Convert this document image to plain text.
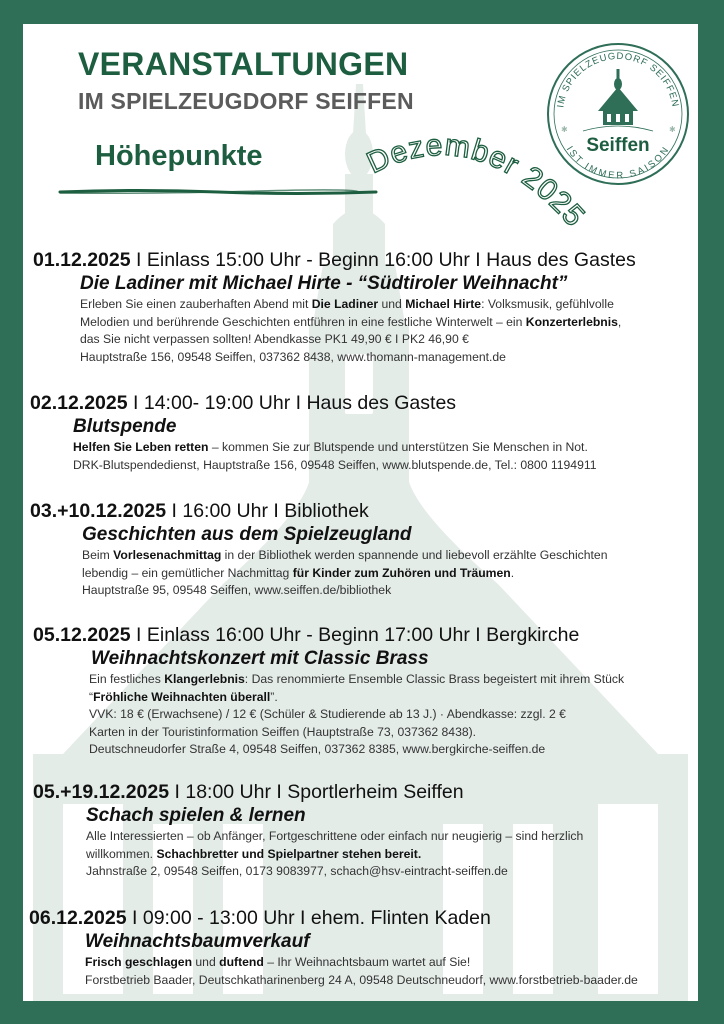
VERANSTALTUNGEN
IM SPIELZEUGDORF SEIFFEN
Höhepunkte	Dezember 2025
IM SPIELZEUGDORF SEIFFEN
IST IMMER SAISON
Seiffen
✱	✱
01.12.2025 I Einlass 15:00 Uhr - Beginn 16:00 Uhr I Haus des Gastes
Die Ladiner mit Michael Hirte - “Südtiroler Weihnacht”
Erleben Sie einen zauberhaften Abend mit Die Ladiner und Michael Hirte: Volksmusik, gefühlvolle
Melodien und berührende Geschichten entführen in eine festliche Winterwelt – ein Konzerterlebnis,
das Sie nicht verpassen sollten! Abendkasse PK1 49,90 € I PK2 46,90 €
Hauptstraße 156, 09548 Seiffen, 037362 8438, www.thomann-management.de
02.12.2025 I 14:00- 19:00 Uhr I Haus des Gastes
Blutspende
Helfen Sie Leben retten – kommen Sie zur Blutspende und unterstützen Sie Menschen in Not.
DRK-Blutspendedienst, Hauptstraße 156, 09548 Seiffen, www.blutspende.de, Tel.: 0800 1194911
03.+10.12.2025 I 16:00 Uhr I Bibliothek
Geschichten aus dem Spielzeugland
Beim Vorlesenachmittag in der Bibliothek werden spannende und liebevoll erzählte Geschichten
lebendig – ein gemütlicher Nachmittag für Kinder zum Zuhören und Träumen.
Hauptstraße 95, 09548 Seiffen, www.seiffen.de/bibliothek
05.12.2025 I Einlass 16:00 Uhr - Beginn 17:00 Uhr I Bergkirche
Weihnachtskonzert mit Classic Brass
Ein festliches Klangerlebnis: Das renommierte Ensemble Classic Brass begeistert mit ihrem Stück
“Fröhliche Weihnachten überall”.
VVK: 18 € (Erwachsene) / 12 € (Schüler & Studierende ab 13 J.) · Abendkasse: zzgl. 2 €
Karten in der Touristinformation Seiffen (Hauptstraße 73, 037362 8438).
Deutschneudorfer Straße 4, 09548 Seiffen, 037362 8385, www.bergkirche-seiffen.de
05.+19.12.2025 I 18:00 Uhr I Sportlerheim Seiffen
Schach spielen & lernen
Alle Interessierten – ob Anfänger, Fortgeschrittene oder einfach nur neugierig – sind herzlich
willkommen. Schachbretter und Spielpartner stehen bereit.
Jahnstraße 2, 09548 Seiffen, 0173 9083977, schach@hsv-eintracht-seiffen.de
06.12.2025 I 09:00 - 13:00 Uhr I ehem. Flinten Kaden
Weihnachtsbaumverkauf
Frisch geschlagen und duftend – Ihr Weihnachtsbaum wartet auf Sie!
Forstbetrieb Baader, Deutschkatharinenberg 24 A, 09548 Deutschneudorf, www.forstbetrieb-baader.de
